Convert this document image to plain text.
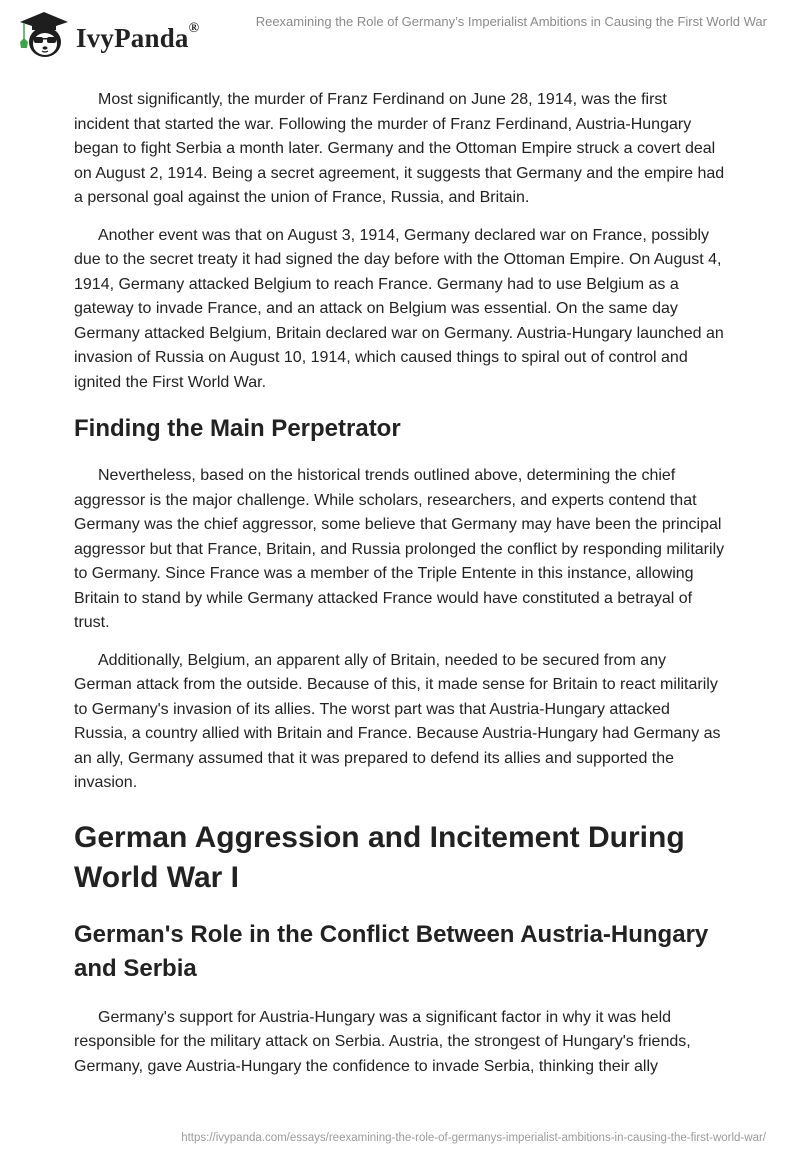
IvyPanda®	Reexamining the Role of Germany’s Imperialist Ambitions in Causing the First World War

Most significantly, the murder of Franz Ferdinand on June 28, 1914, was the first incident that started the war. Following the murder of Franz Ferdinand, Austria-Hungary began to fight Serbia a month later. Germany and the Ottoman Empire struck a covert deal on August 2, 1914. Being a secret agreement, it suggests that Germany and the empire had a personal goal against the union of France, Russia, and Britain.

Another event was that on August 3, 1914, Germany declared war on France, possibly due to the secret treaty it had signed the day before with the Ottoman Empire. On August 4, 1914, Germany attacked Belgium to reach France. Germany had to use Belgium as a gateway to invade France, and an attack on Belgium was essential. On the same day Germany attacked Belgium, Britain declared war on Germany. Austria-Hungary launched an invasion of Russia on August 10, 1914, which caused things to spiral out of control and ignited the First World War.

Finding the Main Perpetrator

Nevertheless, based on the historical trends outlined above, determining the chief aggressor is the major challenge. While scholars, researchers, and experts contend that Germany was the chief aggressor, some believe that Germany may have been the principal aggressor but that France, Britain, and Russia prolonged the conflict by responding militarily to Germany. Since France was a member of the Triple Entente in this instance, allowing Britain to stand by while Germany attacked France would have constituted a betrayal of trust.

Additionally, Belgium, an apparent ally of Britain, needed to be secured from any German attack from the outside. Because of this, it made sense for Britain to react militarily to Germany's invasion of its allies. The worst part was that Austria-Hungary attacked Russia, a country allied with Britain and France. Because Austria-Hungary had Germany as an ally, Germany assumed that it was prepared to defend its allies and supported the invasion.

German Aggression and Incitement During World War I
German's Role in the Conflict Between Austria-Hungary and Serbia

Germany's support for Austria-Hungary was a significant factor in why it was held responsible for the military attack on Serbia. Austria, the strongest of Hungary's friends, Germany, gave Austria-Hungary the confidence to invade Serbia, thinking their ally

https://ivypanda.com/essays/reexamining-the-role-of-germanys-imperialist-ambitions-in-causing-the-first-world-war/
